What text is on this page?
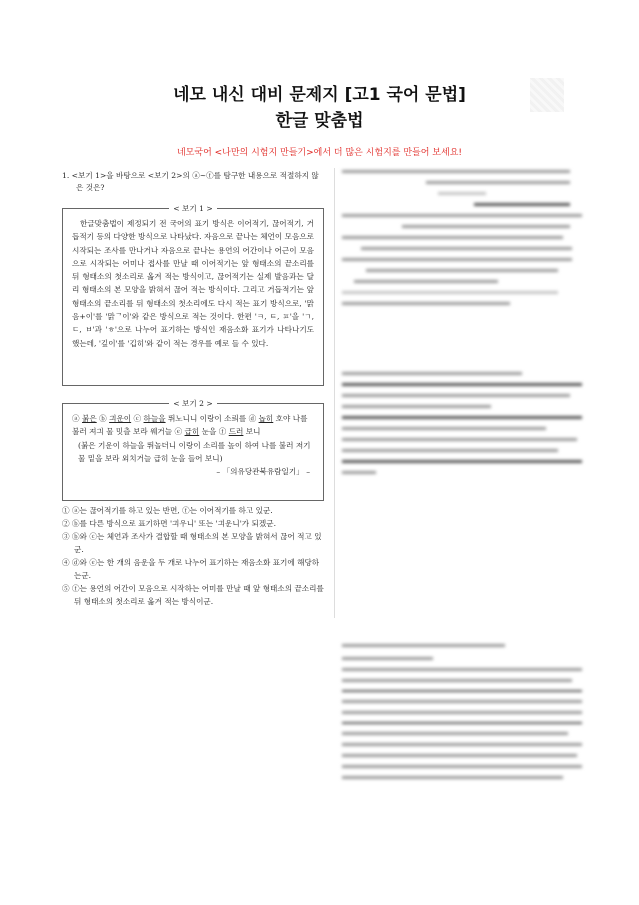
네모 내신 대비 문제지 [고1 국어 문법]
한글 맞춤법
네모국어 <나만의 시험지 만들기>에서 더 많은 시험지를 만들어 보세요!
1. <보기 1>을 바탕으로 <보기 2>의 ⓐ~ⓕ를 탐구한 내용으로 적절하지 않은 것은?
< 보기 1 >

한글맞춤법이 제정되기 전 국어의 표기 방식은 이어적기, 끊어적기, 거듭적기 등의 다양한 방식으로 나타났다. 자음으로 끝나는 체언이 모음으로 시작되는 조사를 만나거나 자음으로 끝나는 용언의 어간이나 어근이 모음으로 시작되는 어미나 접사를 만날 때 이어적기는 앞 형태소의 끝소리를 뒤 형태소의 첫소리로 옮겨 적는 방식이고, 끊어적기는 실제 발음과는 달리 형태소의 본 모양을 밝혀서 끊어 적는 방식이다. 그리고 거듭적기는 앞 형태소의 끝소리를 뒤 형태소의 첫소리에도 다시 적는 표기 방식으로, '맑음+이'를 '맑ᄀ이'와 같은 방식으로 적는 것이다. 한편 'ㅋ, ㅌ, ㅍ'을 'ㄱ, ㄷ, ㅂ'과 'ㅎ'으로 나누어 표기하는 방식인 재음소화 표기가 나타나기도 했는데, '깊이'를 '깁히'와 같이 적는 경우를 예로 들 수 있다.

< 보기 2 >

ⓐ 붉은 ⓑ 긔운이 ⓒ 하늘을 뛰노니니 이랑이 소릐를 ⓓ 놉히 호야 나를 불러 져긔 물 밋츨 보라 웨거늘 ⓔ 급히 눈을 ⓕ 드러 보니

(붉은 기운이 하늘을 뛰놀더니 이랑이 소리를 높이 하여 나를 불러 저기 물 밑을 보라 외치거늘 급히 눈을 들어 보니)

– 「의유당관북유람일기」 –

① ⓐ는 끊어적기를 하고 있는 반면, ⓕ는 이어적기를 하고 있군.

② ⓑ를 다른 방식으로 표기하면 '긔우니' 또는 '긔운니'가 되겠군.

③ ⓑ와 ⓒ는 체언과 조사가 결합할 때 형태소의 본 모양을 밝혀서 끊어 적고 있군.

④ ⓓ와 ⓔ는 한 개의 음운을 두 개로 나누어 표기하는 재음소화 표기에 해당하는군.

⑤ ⓕ는 용언의 어간이 모음으로 시작하는 어미를 만날 때 앞 형태소의 끝소리를 뒤 형태소의 첫소리로 옮겨 적는 방식이군.
